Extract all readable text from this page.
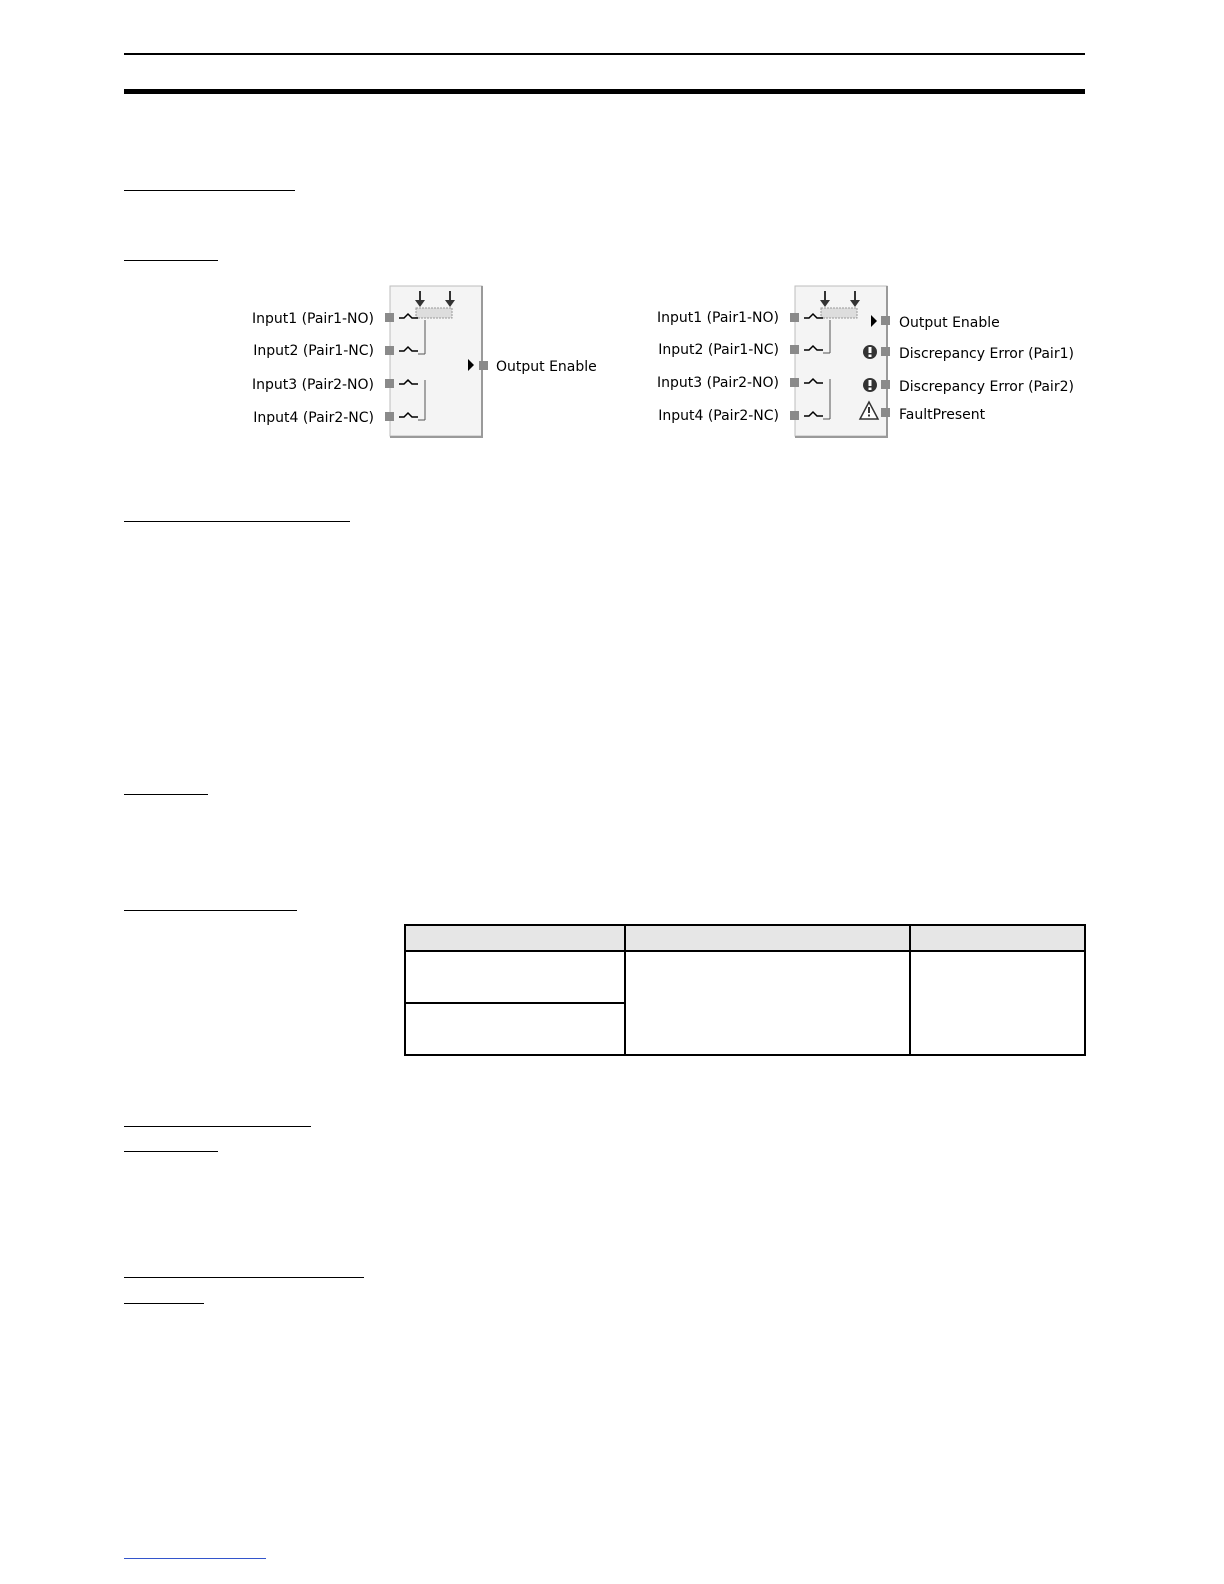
Input1 (Pair1-NO)
Input2 (Pair1-NC)
Input3 (Pair2-NO)
Input4 (Pair2-NC)
Output Enable
Input1 (Pair1-NO)
Input2 (Pair1-NC)
Input3 (Pair2-NO)
Input4 (Pair2-NC)
Output Enable
Discrepancy Error (Pair1)
Discrepancy Error (Pair2)
FaultPresent
